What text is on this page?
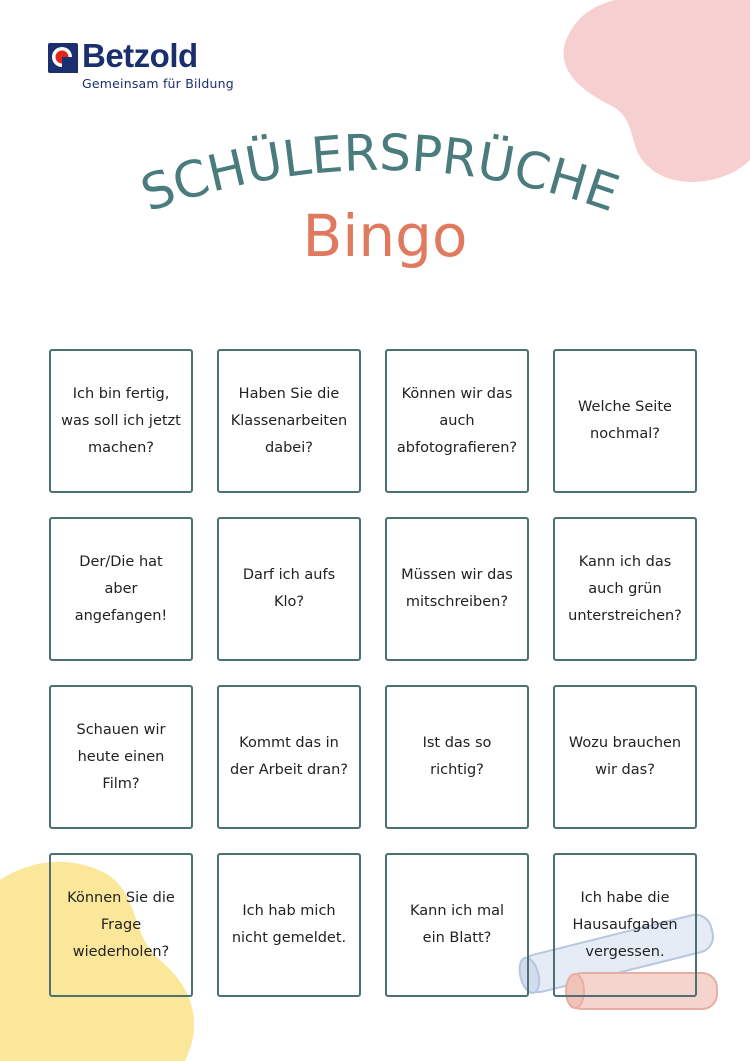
Betzold
Gemeinsam für Bildung
SCHÜLERSPRÜCHE
Bingo
Ich bin fertig, was soll ich jetzt machen?
Haben Sie die Klassenarbeiten dabei?
Können wir das auch abfotografieren?
Welche Seite nochmal?
Der/Die hat aber angefangen!
Darf ich aufs Klo?
Müssen wir das mitschreiben?
Kann ich das auch grün unterstreichen?
Schauen wir heute einen Film?
Kommt das in der Arbeit dran?
Ist das so richtig?
Wozu brauchen wir das?
Können Sie die Frage wiederholen?
Ich hab mich nicht gemeldet.
Kann ich mal ein Blatt?
Ich habe die Hausaufgaben vergessen.
